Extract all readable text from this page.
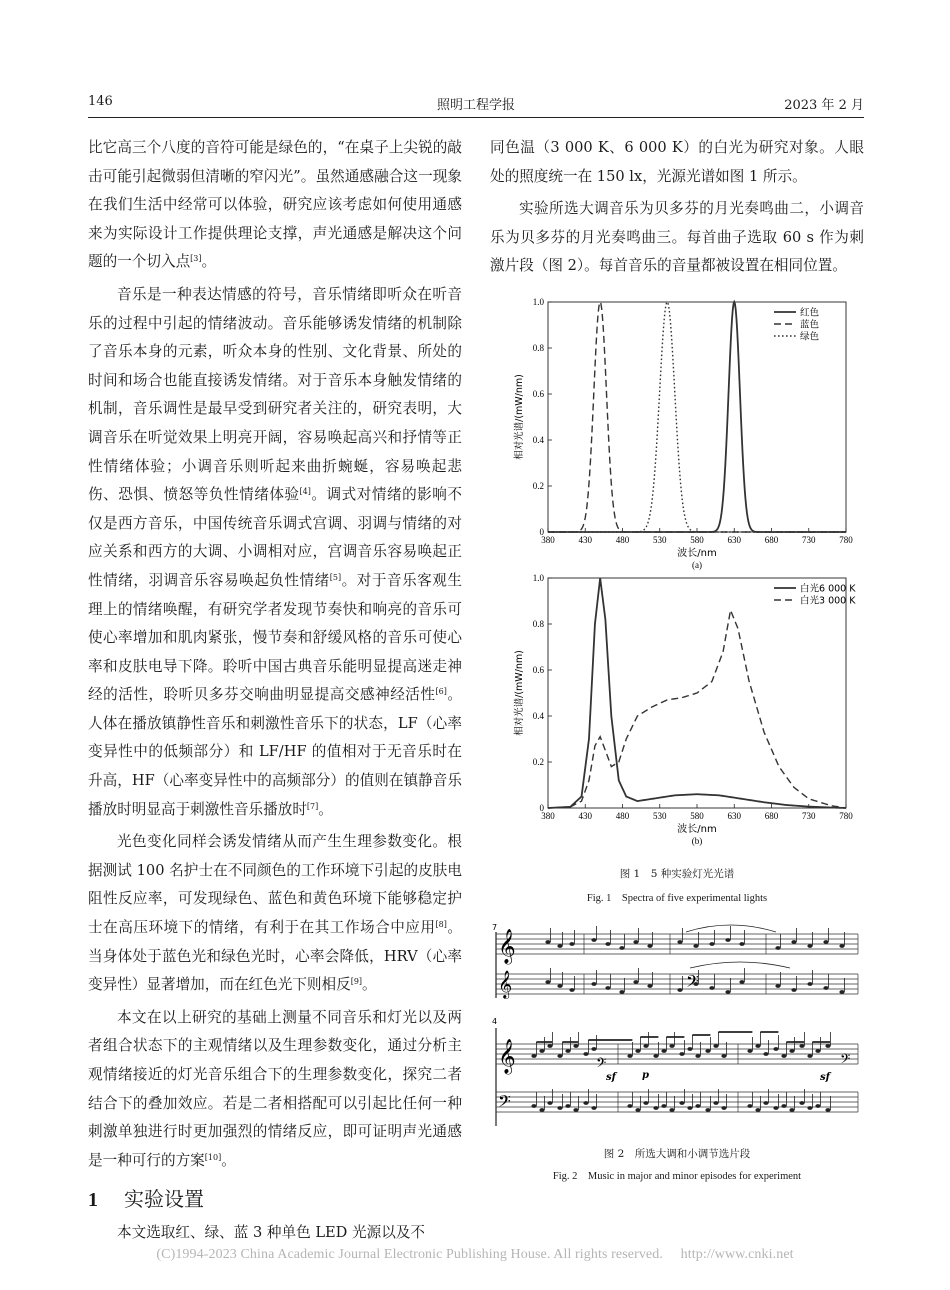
146	照明工程学报	2023 年 2 月

比它高三个八度的音符可能是绿色的，“在桌子上尖锐的敲击可能引起微弱但清晰的窄闪光”。虽然通感融合这一现象在我们生活中经常可以体验，研究应该考虑如何使用通感来为实际设计工作提供理论支撑，声光通感是解决这个问题的一个切入点[3]。

音乐是一种表达情感的符号，音乐情绪即听众在听音乐的过程中引起的情绪波动。音乐能够诱发情绪的机制除了音乐本身的元素，听众本身的性别、文化背景、所处的时间和场合也能直接诱发情绪。对于音乐本身触发情绪的机制，音乐调性是最早受到研究者关注的，研究表明，大调音乐在听觉效果上明亮开阔，容易唤起高兴和抒情等正性情绪体验；小调音乐则听起来曲折蜿蜒，容易唤起悲伤、恐惧、愤怒等负性情绪体验[4]。调式对情绪的影响不仅是西方音乐，中国传统音乐调式宫调、羽调与情绪的对应关系和西方的大调、小调相对应，宫调音乐容易唤起正性情绪，羽调音乐容易唤起负性情绪[5]。对于音乐客观生理上的情绪唤醒，有研究学者发现节奏快和响亮的音乐可使心率增加和肌肉紧张，慢节奏和舒缓风格的音乐可使心率和皮肤电导下降。聆听中国古典音乐能明显提高迷走神经的活性，聆听贝多芬交响曲明显提高交感神经活性[6]。人体在播放镇静性音乐和刺激性音乐下的状态，LF（心率变异性中的低频部分）和 LF/HF 的值相对于无音乐时在升高，HF（心率变异性中的高频部分）的值则在镇静音乐播放时明显高于刺激性音乐播放时[7]。

光色变化同样会诱发情绪从而产生生理参数变化。根据测试 100 名护士在不同颜色的工作环境下引起的皮肤电阻性反应率，可发现绿色、蓝色和黄色环境下能够稳定护士在高压环境下的情绪，有利于在其工作场合中应用[8]。当身体处于蓝色光和绿色光时，心率会降低，HRV（心率变异性）显著增加，而在红色光下则相反[9]。

本文在以上研究的基础上测量不同音乐和灯光以及两者组合状态下的主观情绪以及生理参数变化，通过分析主观情绪接近的灯光音乐组合下的生理参数变化，探究二者结合下的叠加效应。若是二者相搭配可以引起比任何一种刺激单独进行时更加强烈的情绪反应，即可证明声光通感是一种可行的方案[10]。

1 实验设置

本文选取红、绿、蓝 3 种单色 LED 光源以及不

同色温（3 000 K、6 000 K）的白光为研究对象。人眼处的照度统一在 150 lx，光源光谱如图 1 所示。

实验所选大调音乐为贝多芬的月光奏鸣曲二，小调音乐为贝多芬的月光奏鸣曲三。每首曲子选取 60 s 作为刺激片段（图 2）。每首音乐的音量都被设置在相同位置。

380	430	480	530	580	630	680	730	780
0
0.2
0.4
0.6
0.8
1.0
波长/nm
(a)
相对光谱/(mW/nm)
红色
蓝色
绿色
380	430	480	530	580	630	680	730	780
0
0.2
0.4
0.6
0.8
1.0
波长/nm
(b)
相对光谱/(mW/nm)
白光6 000 K
白光3 000 K
图 1　5 种实验灯光光谱
Fig. 1　Spectra of five experimental lights
7
𝄞
𝄞	𝄢
4
𝄞
𝄢
𝄢	𝄢
sf	p	sf
图 2　所选大调和小调节选片段
Fig. 2　Music in major and minor episodes for experiment
(C)1994-2023 China Academic Journal Electronic Publishing House. All rights reserved.　 http://www.cnki.net
